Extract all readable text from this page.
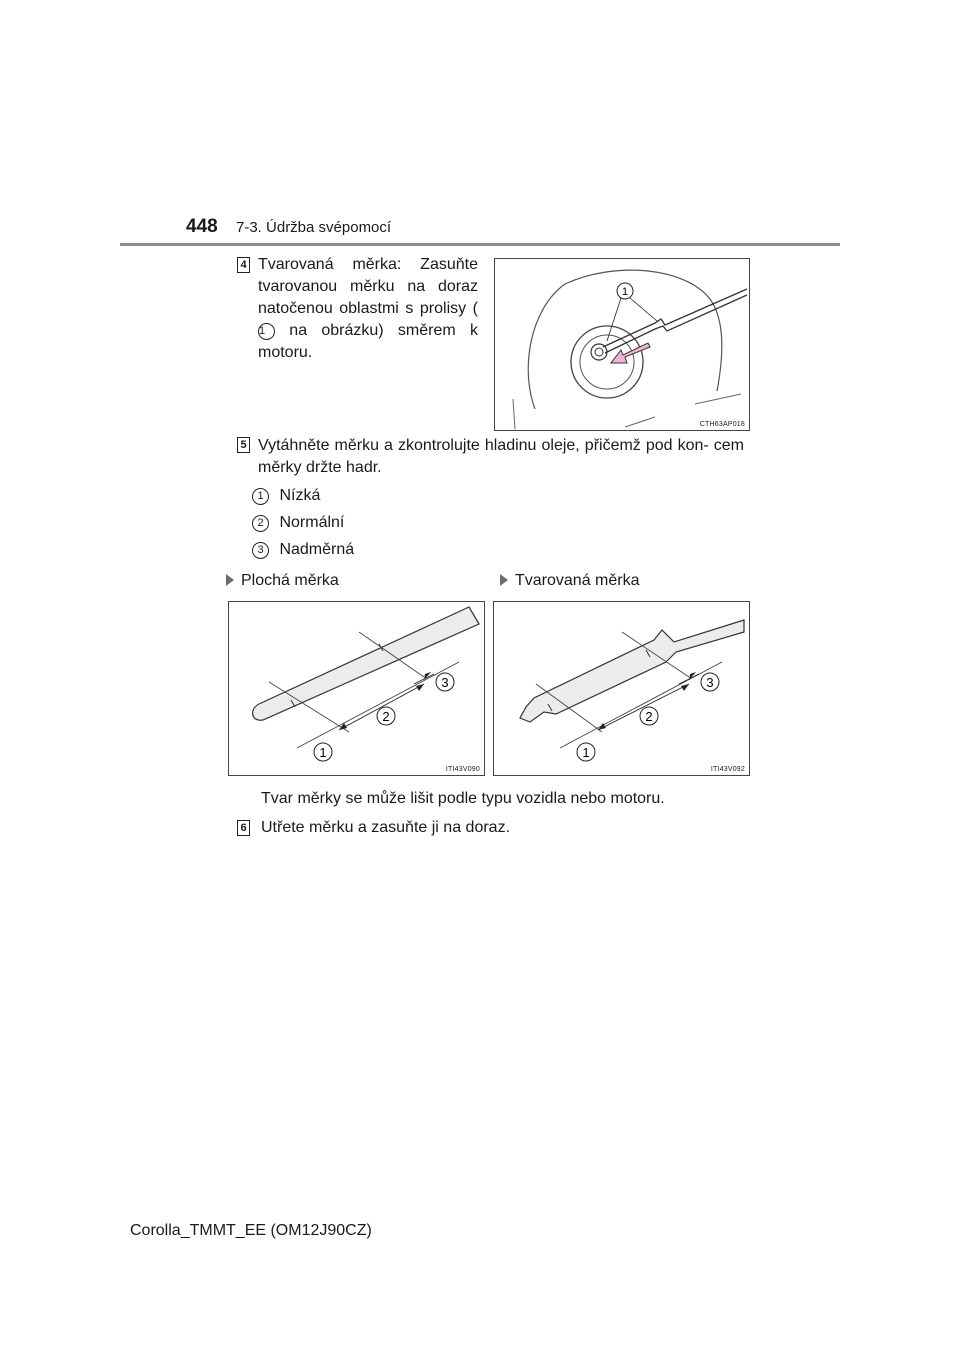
448 7-3. Údržba svépomocí
4 Tvarovaná měrka: Zasuňte tvarovanou měrku na doraz natočenou oblastmi s prolisy (1 na obrázku) směrem k motoru.
1
CTH63AP018
5 Vytáhněte měrku a zkontrolujte hladinu oleje, přičemž pod kon- cem měrky držte hadr.
1 Nízká
2 Normální
3 Nadměrná
Plochá měrka	Tvarovaná měrka
1
2
3
ITI43V090
1
2
3
ITI43V092
Tvar měrky se může lišit podle typu vozidla nebo motoru.
6 Utřete měrku a zasuňte ji na doraz.
Corolla_TMMT_EE (OM12J90CZ)
